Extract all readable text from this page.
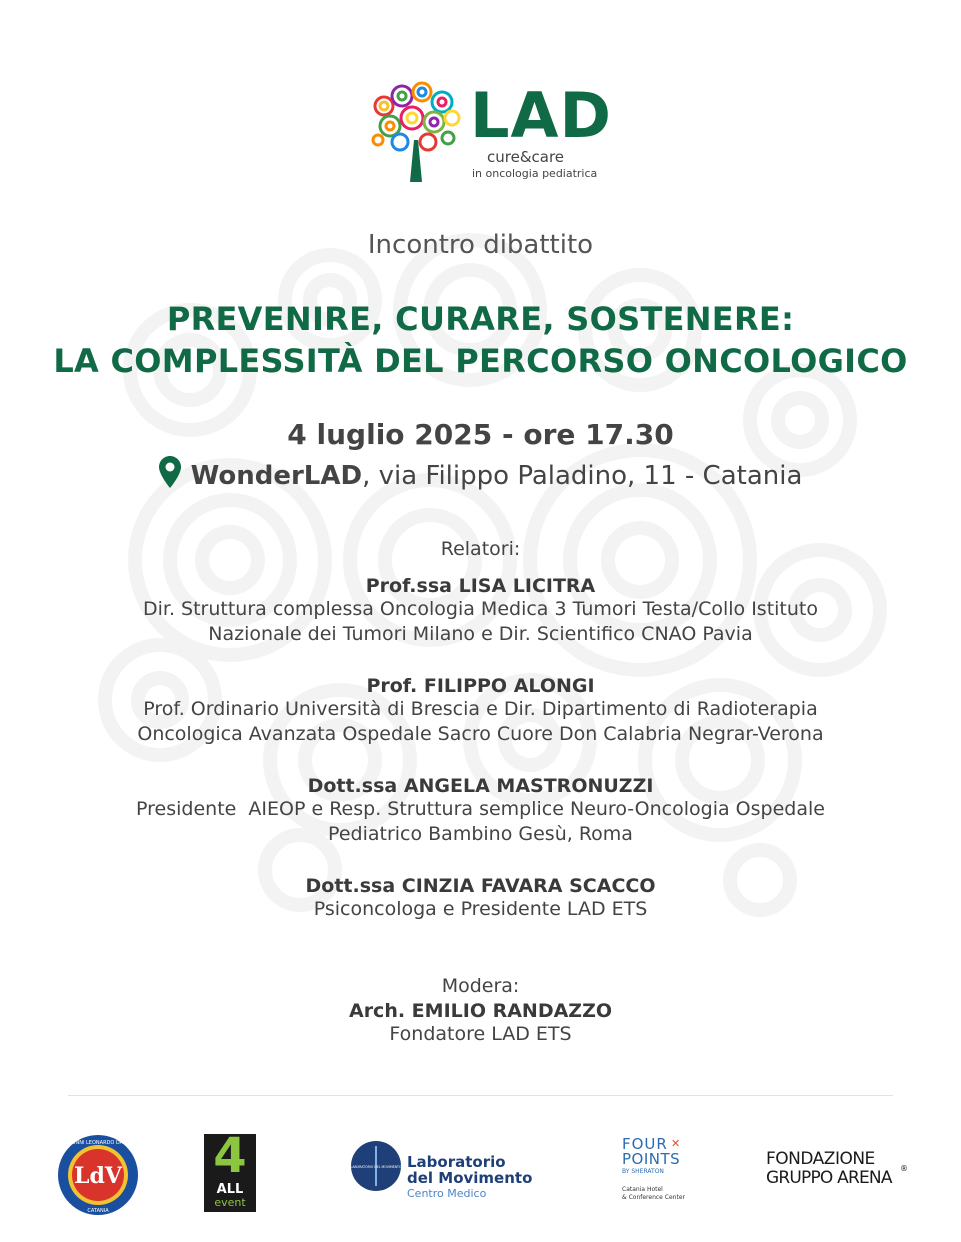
LAD
cure&care
in oncologia pediatrica
Incontro dibattito
PREVENIRE, CURARE, SOSTENERE:
LA COMPLESSITÀ DEL PERCORSO ONCOLOGICO
4 luglio 2025 - ore 17.30
WonderLAD, via Filippo Paladino, 11 - Catania
Relatori:
Prof.ssa LISA LICITRA
Dir. Struttura complessa Oncologia Medica 3 Tumori Testa/Collo Istituto
Nazionale dei Tumori Milano e Dir. Scientifico CNAO Pavia
Prof. FILIPPO ALONGI
Prof. Ordinario Università di Brescia e Dir. Dipartimento di Radioterapia
Oncologica Avanzata Ospedale Sacro Cuore Don Calabria Negrar-Verona
Dott.ssa ANGELA MASTRONUZZI
Presidente  AIEOP e Resp. Struttura semplice Neuro-Oncologia Ospedale
Pediatrico Bambino Gesù, Roma
Dott.ssa CINZIA FAVARA SCACCO
Psiconcologa e Presidente LAD ETS
Modera:
Arch. EMILIO RANDAZZO
Fondatore LAD ETS
LdV
EX ALUNNI LEONARDO DA VINCI
CATANIA
4
ALL
event
LABORATORIO DEL MOVIMENTO Laboratorio
del Movimento
Centro Medico
FOUR ✕
POINTS
BY SHERATON
Catania Hotel
& Conference Center
FONDAZIONE
GRUPPO ARENA ®
